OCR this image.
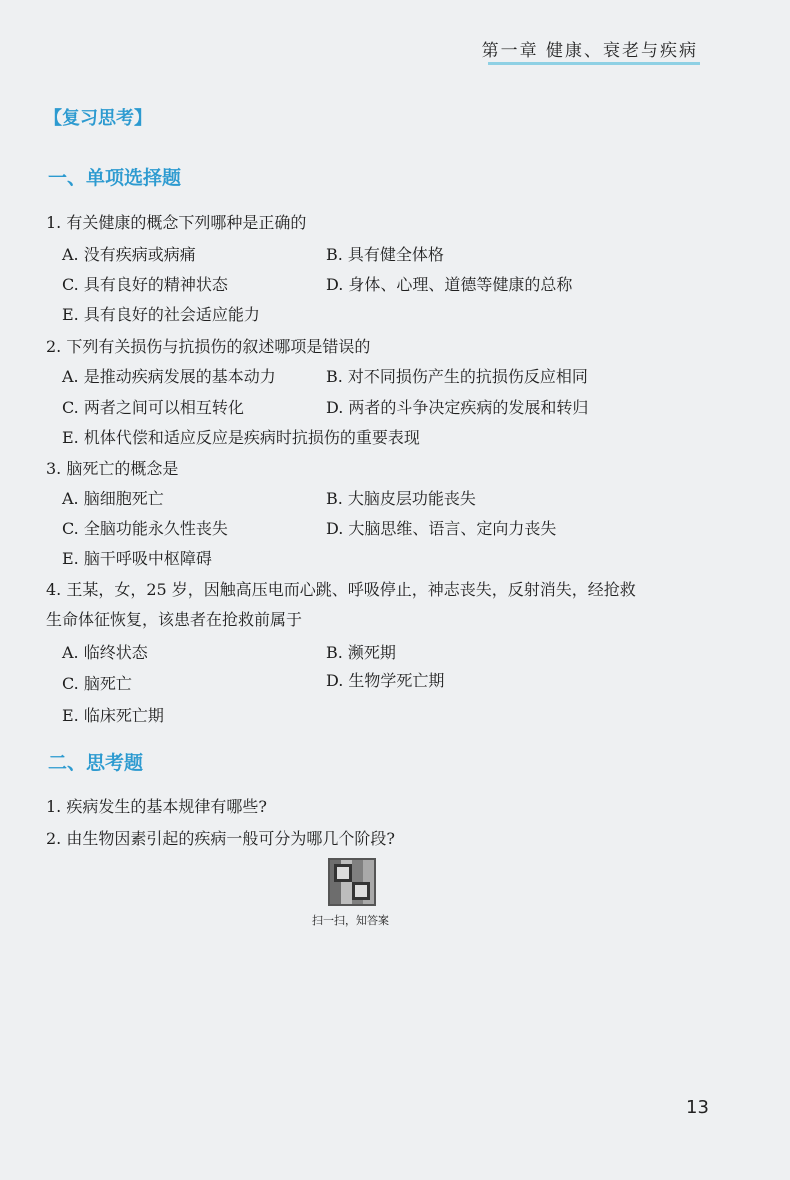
第一章 健康、衰老与疾病
【复习思考】
一、单项选择题
1. 有关健康的概念下列哪种是正确的
A. 没有疾病或病痛	B. 具有健全体格
C. 具有良好的精神状态	D. 身体、心理、道德等健康的总称
E. 具有良好的社会适应能力
2. 下列有关损伤与抗损伤的叙述哪项是错误的
A. 是推动疾病发展的基本动力	B. 对不同损伤产生的抗损伤反应相同
C. 两者之间可以相互转化	D. 两者的斗争决定疾病的发展和转归
E. 机体代偿和适应反应是疾病时抗损伤的重要表现
3. 脑死亡的概念是
A. 脑细胞死亡	B. 大脑皮层功能丧失
C. 全脑功能永久性丧失	D. 大脑思维、语言、定向力丧失
E. 脑干呼吸中枢障碍
4. 王某，女，25 岁，因触高压电而心跳、呼吸停止，神志丧失，反射消失，经抢救
生命体征恢复，该患者在抢救前属于
A. 临终状态	B. 濒死期
C. 脑死亡	D. 生物学死亡期
E. 临床死亡期
二、思考题
1. 疾病发生的基本规律有哪些?
2. 由生物因素引起的疾病一般可分为哪几个阶段?
扫一扫，知答案
13
